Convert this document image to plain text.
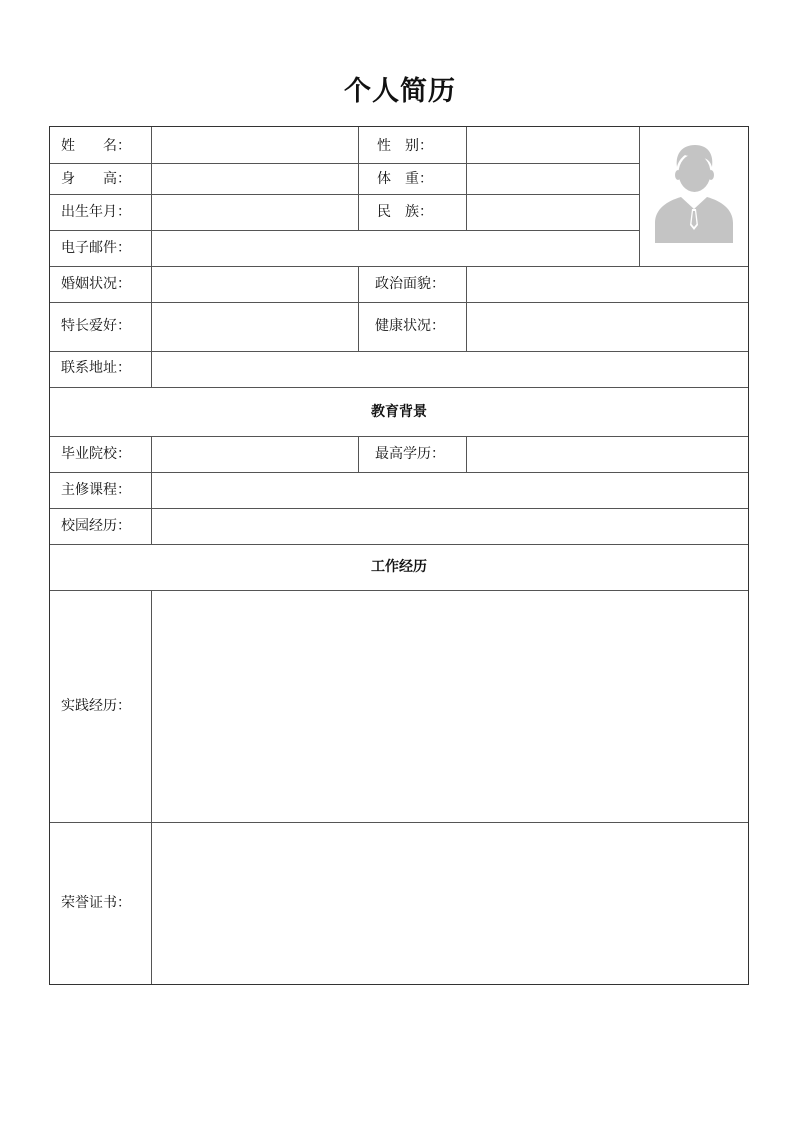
个人简历
姓　　名：	性　别：
身　　高：	体　重：
出生年月：	民　族：
电子邮件：
婚姻状况：	政治面貌：
特长爱好：	健康状况：
联系地址：
教育背景
毕业院校：	最高学历：
主修课程：
校园经历：
工作经历
实践经历：
荣誉证书：
